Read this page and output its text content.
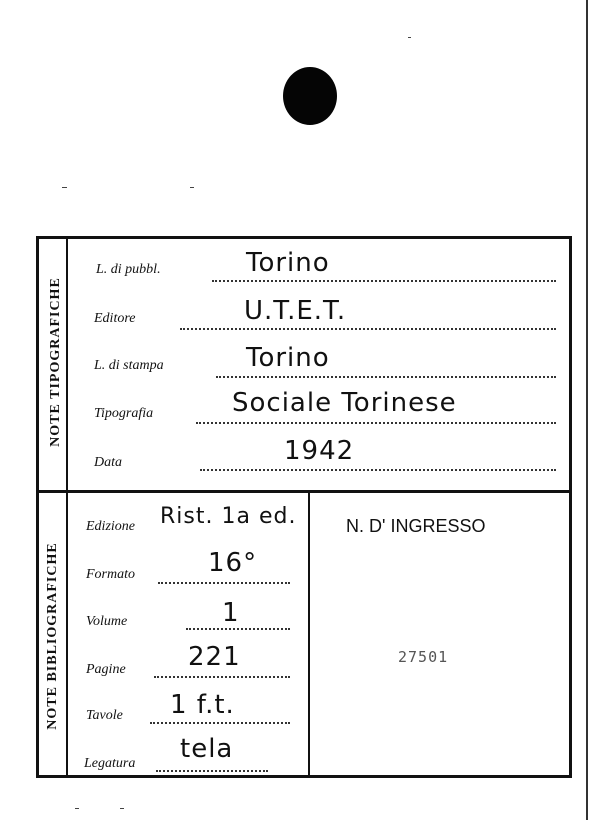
NOTE TIPOGRAFICHE
NOTE BIBLIOGRAFICHE
L. di pubbl.	Torino
Editore	U.T.E.T.
L. di stampa	Torino
Tipografia	Sociale Torinese
Data	1942
Edizione Rist. 1a ed.
Formato	16°
Volume	1
Pagine 221
Tavole 1 f.t.
Legatura tela
N. D' INGRESSO
27501
